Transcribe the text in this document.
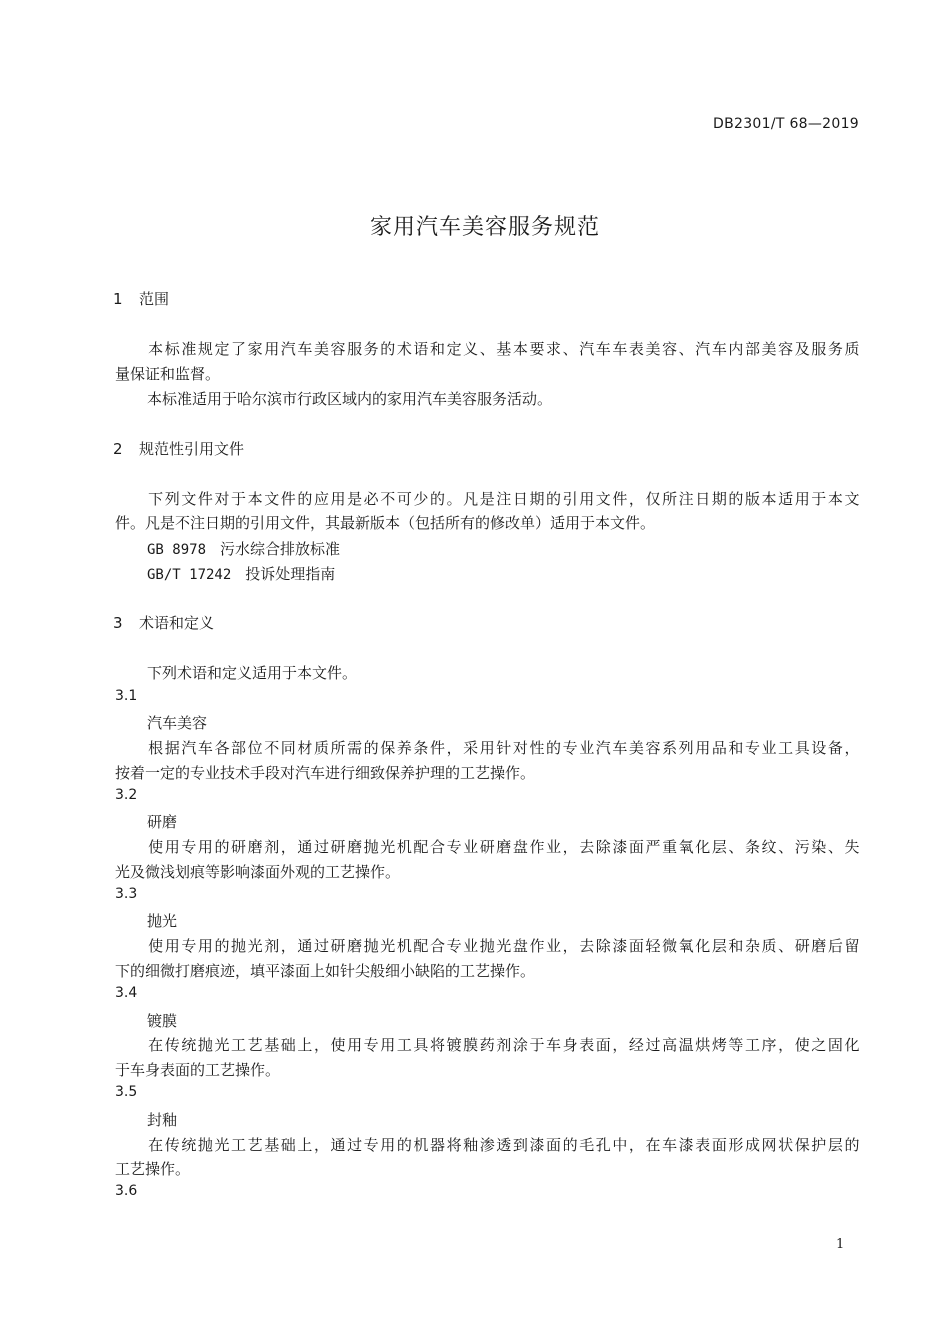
DB2301/T 68—2019
家用汽车美容服务规范
1 范围

本 标 准 规 定 了 家 用 汽 车 美 容 服 务 的 术 语 和 定 义 、 基 本 要 求 、 汽 车 车 表 美 容 、 汽 车 内 部 美 容 及 服 务 质
量保证和监督。
本标准适用于哈尔滨市行政区域内的家用汽车美容服务活动。
2 规范性引用文件

下 列 文 件 对 于 本 文 件 的 应 用 是 必 不 可 少 的 。 凡 是 注 日 期 的 引 用 文 件 ， 仅 所 注 日 期 的 版 本 适 用 于 本 文
件。凡是不注日期的引用文件，其最新版本（包括所有的修改单）适用于本文件。
GB 8978 污水综合排放标准
GB/T 17242 投诉处理指南
3 术语和定义
下列术语和定义适用于本文件。
3.1
汽车美容

根 据 汽 车 各 部 位 不 同 材 质 所 需 的 保 养 条 件 ， 采 用 针 对 性 的 专 业 汽 车 美 容 系 列 用 品 和 专 业 工 具 设 备 ，
按着一定的专业技术手段对汽车进行细致保养护理的工艺操作。
3.2
研磨

使 用 专 用 的 研 磨 剂 ， 通 过 研 磨 抛 光 机 配 合 专 业 研 磨 盘 作 业 ， 去 除 漆 面 严 重 氧 化 层 、 条 纹 、 污 染 、 失
光及微浅划痕等影响漆面外观的工艺操作。
3.3
抛光

使 用 专 用 的 抛 光 剂 ， 通 过 研 磨 抛 光 机 配 合 专 业 抛 光 盘 作 业 ， 去 除 漆 面 轻 微 氧 化 层 和 杂 质 、 研 磨 后 留
下的细微打磨痕迹，填平漆面上如针尖般细小缺陷的工艺操作。
3.4
镀膜

在 传 统 抛 光 工 艺 基 础 上 ， 使 用 专 用 工 具 将 镀 膜 药 剂 涂 于 车 身 表 面 ， 经 过 高 温 烘 烤 等 工 序 ， 使 之 固 化
于车身表面的工艺操作。
3.5
封釉

在 传 统 抛 光 工 艺 基 础 上 ， 通 过 专 用 的 机 器 将 釉 渗 透 到 漆 面 的 毛 孔 中 ， 在 车 漆 表 面 形 成 网 状 保 护 层 的
工艺操作。
3.6
1
